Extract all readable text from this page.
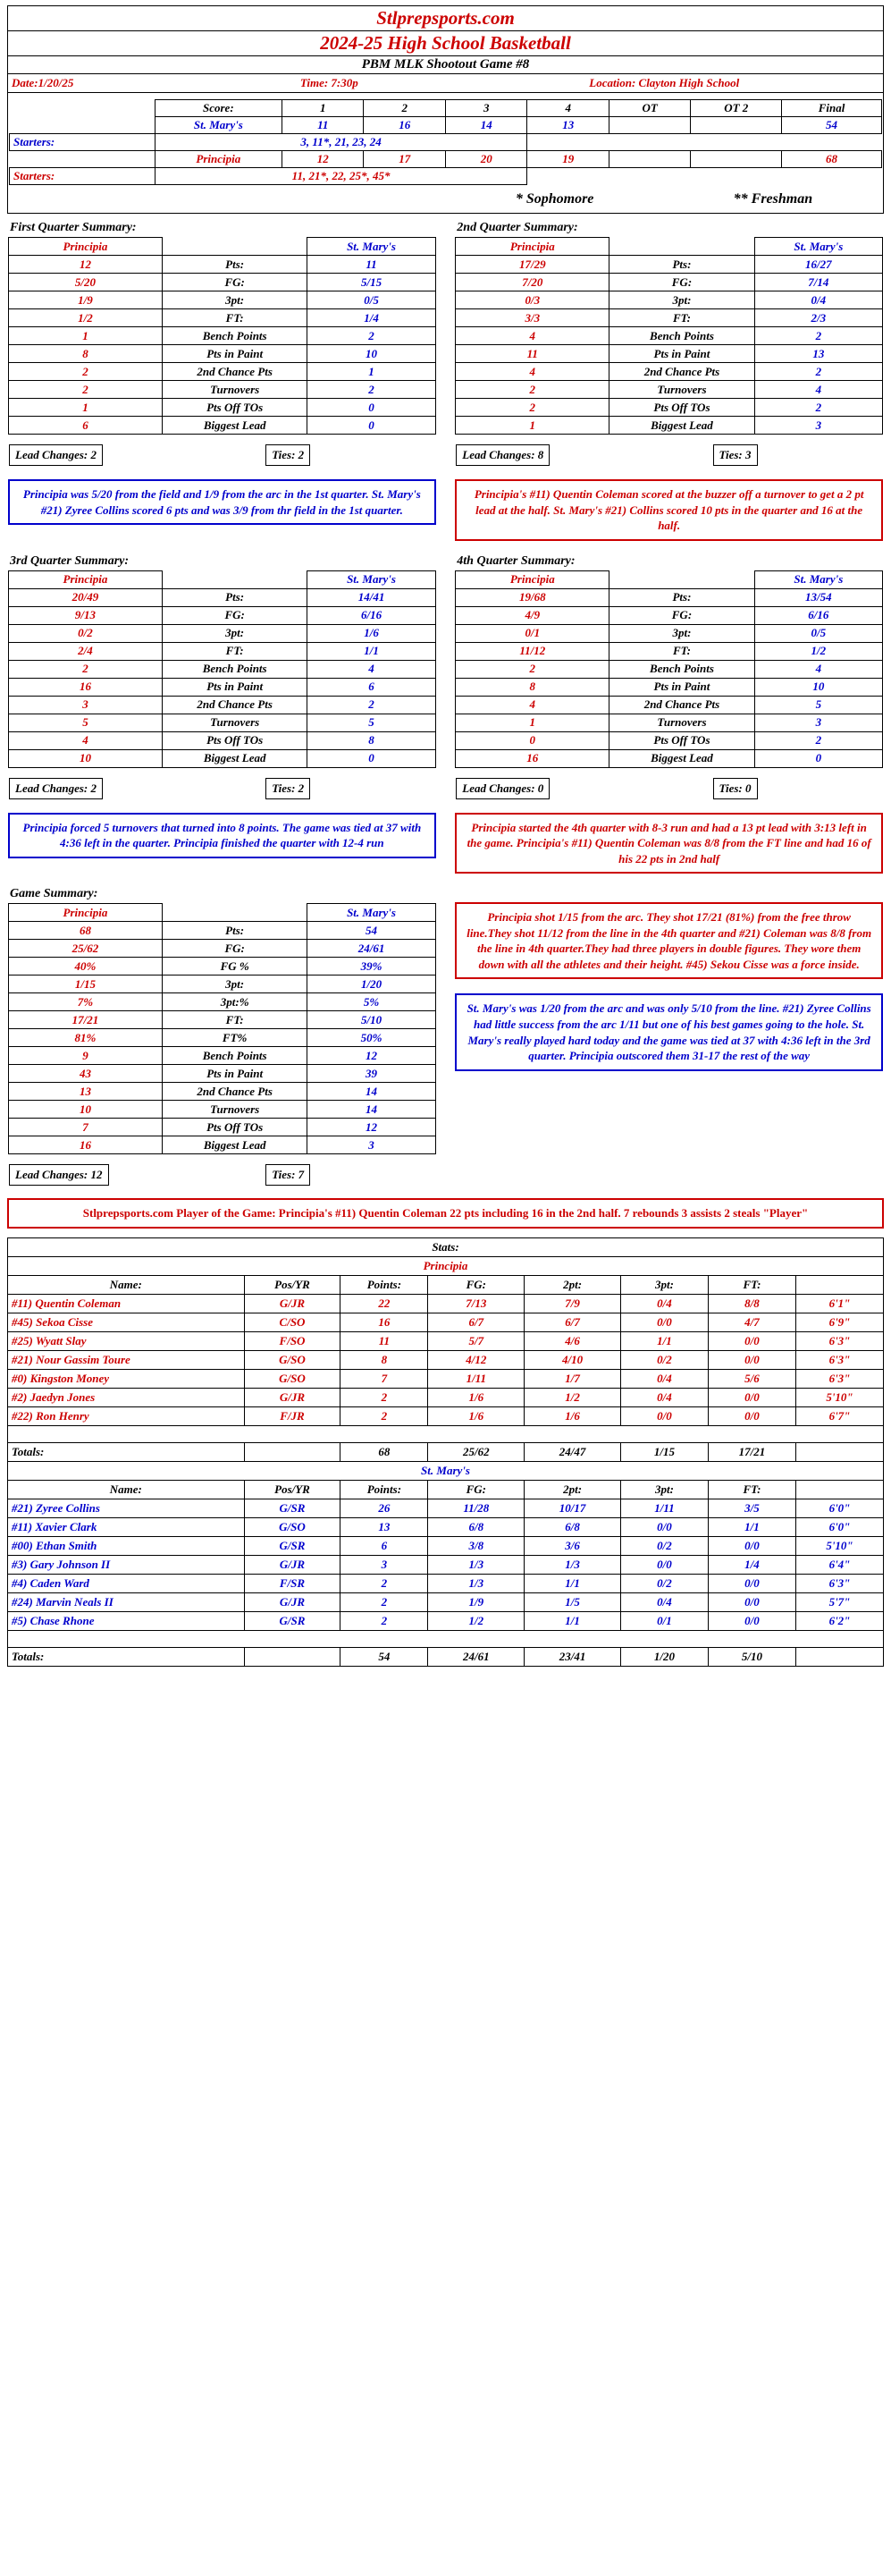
Stlprepsports.com
2024-25 High School Basketball
PBM MLK Shootout Game #8
Date:1/20/25	Time: 7:30p	Location: Clayton High School
	Score:	1	2	3	4	OT	OT 2	Final
	St. Mary's	11	16	14	13			54
Starters:	3, 11*, 21, 23, 24				
	Principia	12	17	20	19			68
Starters:	11, 21*, 22, 25*, 45*				
	* Sophomore	** Freshman
First Quarter Summary:
Principia		St. Mary's
12	Pts:	11
5/20	FG:	5/15
1/9	3pt:	0/5
1/2	FT:	1/4
1	Bench Points	2
8	Pts in Paint	10
2	2nd Chance Pts	1
2	Turnovers	2
1	Pts Off TOs	0
6	Biggest Lead	0
Lead Changes: 2	Ties: 2
Principia was 5/20 from the field and 1/9 from the arc in the 1st quarter. St. Mary's #21) Zyree Collins scored 6 pts and was 3/9 from thr field in the 1st quarter.

2nd Quarter Summary:
Principia		St. Mary's
17/29	Pts:	16/27
7/20	FG:	7/14
0/3	3pt:	0/4
3/3	FT:	2/3
4	Bench Points	2
11	Pts in Paint	13
4	2nd Chance Pts	2
2	Turnovers	4
2	Pts Off TOs	2
1	Biggest Lead	3
Lead Changes: 8	Ties: 3
Principia's #11) Quentin Coleman scored at the buzzer off a turnover to get a 2 pt lead at the half. St. Mary's #21) Collins scored 10 pts in the quarter and 16 at the half.
3rd Quarter Summary:
Principia		St. Mary's
20/49	Pts:	14/41
9/13	FG:	6/16
0/2	3pt:	1/6
2/4	FT:	1/1
2	Bench Points	4
16	Pts in Paint	6
3	2nd Chance Pts	2
5	Turnovers	5
4	Pts Off TOs	8
10	Biggest Lead	0
Lead Changes: 2	Ties: 2
Principia forced 5 turnovers that turned into 8 points. The game was tied at 37 with 4:36 left in the quarter. Principia finished the quarter with 12-4 run

4th Quarter Summary:
Principia		St. Mary's
19/68	Pts:	13/54
4/9	FG:	6/16
0/1	3pt:	0/5
11/12	FT:	1/2
2	Bench Points	4
8	Pts in Paint	10
4	2nd Chance Pts	5
1	Turnovers	3
0	Pts Off TOs	2
16	Biggest Lead	0
Lead Changes: 0	Ties: 0
Principia started the 4th quarter with 8-3 run and had a 13 pt lead with 3:13 left in the game. Principia's #11) Quentin Coleman was 8/8 from the FT line and had 16 of his 22 pts in 2nd half
Game Summary:
Principia		St. Mary's
68	Pts:	54
25/62	FG:	24/61
40%	FG %	39%
1/15	3pt:	1/20
7%	3pt:%	5%
17/21	FT:	5/10
81%	FT%	50%
9	Bench Points	12
43	Pts in Paint	39
13	2nd Chance Pts	14
10	Turnovers	14
7	Pts Off TOs	12
16	Biggest Lead	3
Lead Changes: 12	Ties: 7

Principia shot 1/15 from the arc. They shot 17/21 (81%) from the free throw line.They shot 11/12 from the line in the 4th quarter and #21) Coleman was 8/8 from the line in 4th quarter.They had three players in double figures. They wore them down with all the athletes and their height. #45) Sekou Cisse was a force inside.
St. Mary's was 1/20 from the arc and was only 5/10 from the line. #21) Zyree Collins had little success from the arc 1/11 but one of his best games going to the hole. St. Mary's really played hard today and the game was tied at 37 with 4:36 left in the 3rd quarter. Principia outscored them 31-17 the rest of the way
Stlprepsports.com Player of the Game: Principia's #11) Quentin Coleman 22 pts including 16 in the 2nd half. 7 rebounds 3 assists 2 steals "Player"
Stats:							
Principia							
Name:	Pos/YR	Points:	FG:	2pt:	3pt:	FT:	
#11) Quentin Coleman	G/JR	22	7/13	7/9	0/4	8/8	6'1"
#45) Sekoa Cisse	C/SO	16	6/7	6/7	0/0	4/7	6'9"
#25) Wyatt Slay	F/SO	11	5/7	4/6	1/1	0/0	6'3"
#21) Nour Gassim Toure	G/SO	8	4/12	4/10	0/2	0/0	6'3"
#0) Kingston Money	G/SO	7	1/11	1/7	0/4	5/6	6'3"
#2) Jaedyn Jones	G/JR	2	1/6	1/2	0/4	0/0	5'10"
#22) Ron Henry	F/JR	2	1/6	1/6	0/0	0/0	6'7"

Totals:		68	25/62	24/47	1/15	17/21	
St. Mary's							
Name:	Pos/YR	Points:	FG:	2pt:	3pt:	FT:	
#21) Zyree Collins	G/SR	26	11/28	10/17	1/11	3/5	6'0"
#11) Xavier Clark	G/SO	13	6/8	6/8	0/0	1/1	6'0"
#00) Ethan Smith	G/SR	6	3/8	3/6	0/2	0/0	5'10"
#3) Gary Johnson II	G/JR	3	1/3	1/3	0/0	1/4	6'4"
#4) Caden Ward	F/SR	2	1/3	1/1	0/2	0/0	6'3"
#24) Marvin Neals II	G/JR	2	1/9	1/5	0/4	0/0	5'7"
#5) Chase Rhone	G/SR	2	1/2	1/1	0/1	0/0	6'2"

Totals:		54	24/61	23/41	1/20	5/10	
